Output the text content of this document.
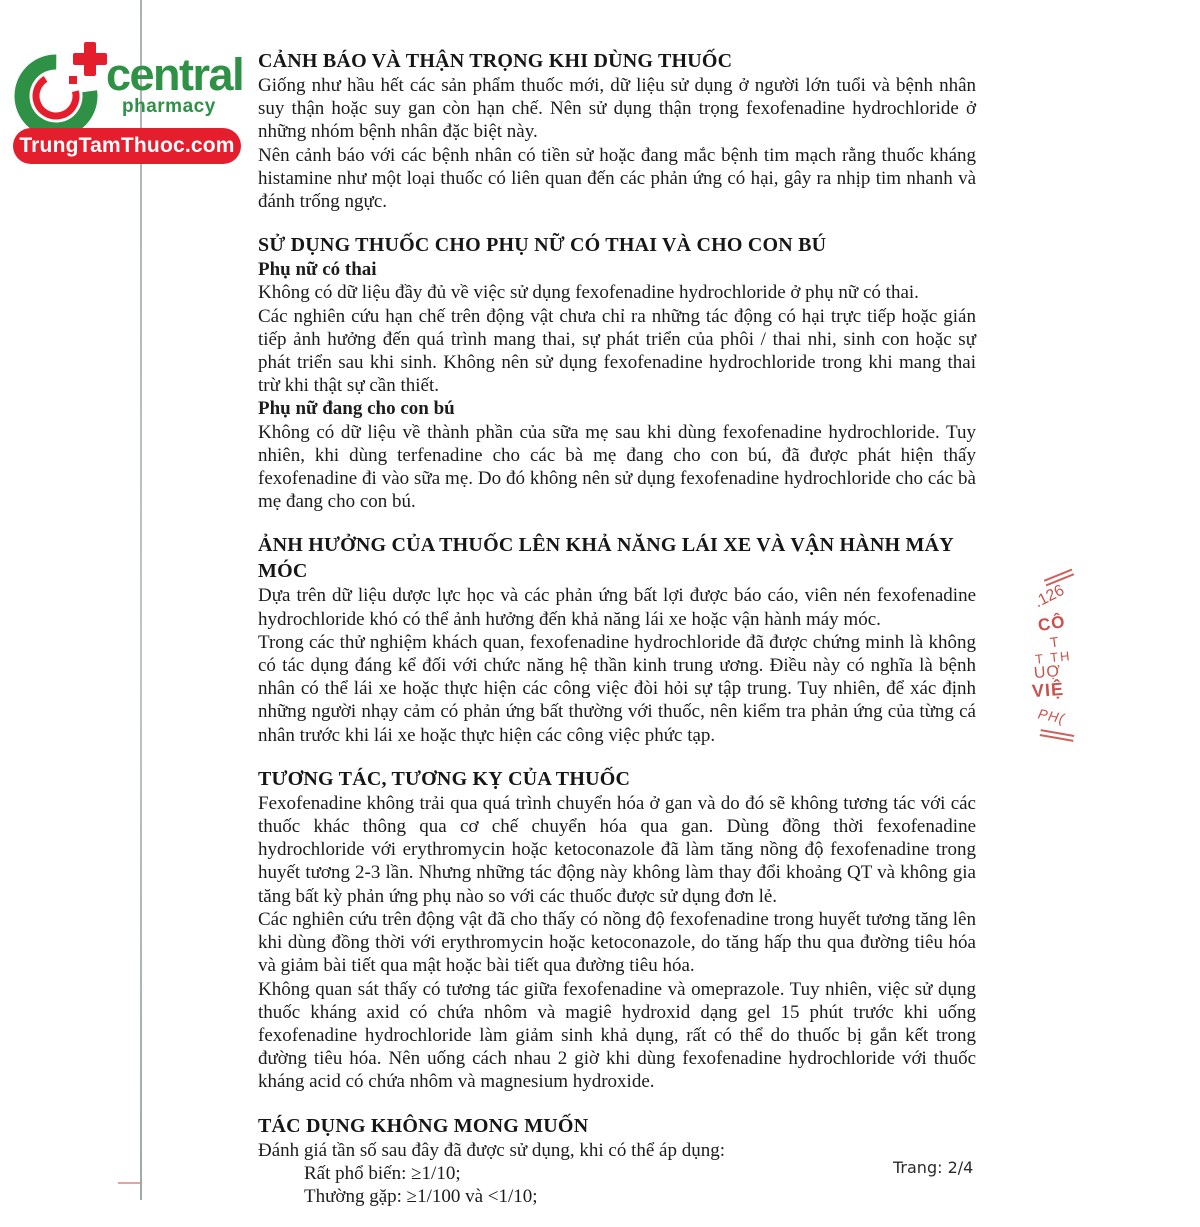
central
pharmacy
TrungTamThuoc.com
CẢNH BÁO VÀ THẬN TRỌNG KHI DÙNG THUỐC

Giống như hầu hết các sản phẩm thuốc mới, dữ liệu sử dụng ở người lớn tuổi và bệnh nhân suy thận hoặc suy gan còn hạn chế. Nên sử dụng thận trọng fexofenadine hydrochloride ở những nhóm bệnh nhân đặc biệt này.

Nên cảnh báo với các bệnh nhân có tiền sử hoặc đang mắc bệnh tim mạch rằng thuốc kháng histamine như một loại thuốc có liên quan đến các phản ứng có hại, gây ra nhịp tim nhanh và đánh trống ngực.

SỬ DỤNG THUỐC CHO PHỤ NỮ CÓ THAI VÀ CHO CON BÚ

Phụ nữ có thai

Không có dữ liệu đầy đủ về việc sử dụng fexofenadine hydrochloride ở phụ nữ có thai.

Các nghiên cứu hạn chế trên động vật chưa chỉ ra những tác động có hại trực tiếp hoặc gián tiếp ảnh hưởng đến quá trình mang thai, sự phát triển của phôi / thai nhi, sinh con hoặc sự phát triển sau khi sinh. Không nên sử dụng fexofenadine hydrochloride trong khi mang thai trừ khi thật sự cần thiết.

Phụ nữ đang cho con bú

Không có dữ liệu về thành phần của sữa mẹ sau khi dùng fexofenadine hydrochloride. Tuy nhiên, khi dùng terfenadine cho các bà mẹ đang cho con bú, đã được phát hiện thấy fexofenadine đi vào sữa mẹ. Do đó không nên sử dụng fexofenadine hydrochloride cho các bà mẹ đang cho con bú.

ẢNH HƯỞNG CỦA THUỐC LÊN KHẢ NĂNG LÁI XE VÀ VẬN HÀNH MÁY MÓC

Dựa trên dữ liệu dược lực học và các phản ứng bất lợi được báo cáo, viên nén fexofenadine hydrochloride khó có thể ảnh hưởng đến khả năng lái xe hoặc vận hành máy móc.

Trong các thử nghiệm khách quan, fexofenadine hydrochloride đã được chứng minh là không có tác dụng đáng kể đối với chức năng hệ thần kinh trung ương. Điều này có nghĩa là bệnh nhân có thể lái xe hoặc thực hiện các công việc đòi hỏi sự tập trung. Tuy nhiên, để xác định những người nhạy cảm có phản ứng bất thường với thuốc, nên kiểm tra phản ứng của từng cá nhân trước khi lái xe hoặc thực hiện các công việc phức tạp.

TƯƠNG TÁC, TƯƠNG KỴ CỦA THUỐC

Fexofenadine không trải qua quá trình chuyển hóa ở gan và do đó sẽ không tương tác với các thuốc khác thông qua cơ chế chuyển hóa qua gan. Dùng đồng thời fexofenadine hydrochloride với erythromycin hoặc ketoconazole đã làm tăng nồng độ fexofenadine trong huyết tương 2-3 lần. Nhưng những tác động này không làm thay đổi khoảng QT và không gia tăng bất kỳ phản ứng phụ nào so với các thuốc được sử dụng đơn lẻ.

Các nghiên cứu trên động vật đã cho thấy có nồng độ fexofenadine trong huyết tương tăng lên khi dùng đồng thời với erythromycin hoặc ketoconazole, do tăng hấp thu qua đường tiêu hóa và giảm bài tiết qua mật hoặc bài tiết qua đường tiêu hóa.

Không quan sát thấy có tương tác giữa fexofenadine và omeprazole. Tuy nhiên, việc sử dụng thuốc kháng axid có chứa nhôm và magiê hydroxid dạng gel 15 phút trước khi uống fexofenadine hydrochloride làm giảm sinh khả dụng, rất có thể do thuốc bị gắn kết trong đường tiêu hóa. Nên uống cách nhau 2 giờ khi dùng fexofenadine hydrochloride với thuốc kháng acid có chứa nhôm và magnesium hydroxide.

TÁC DỤNG KHÔNG MONG MUỐN

Đánh giá tần số sau đây đã được sử dụng, khi có thể áp dụng:

Rất phổ biến: ≥1/10;

Thường gặp: ≥1/100 và <1/10;

.126
CÔ
T
T TH
UỢ
VIỆ
PH(
Trang: 2/4
